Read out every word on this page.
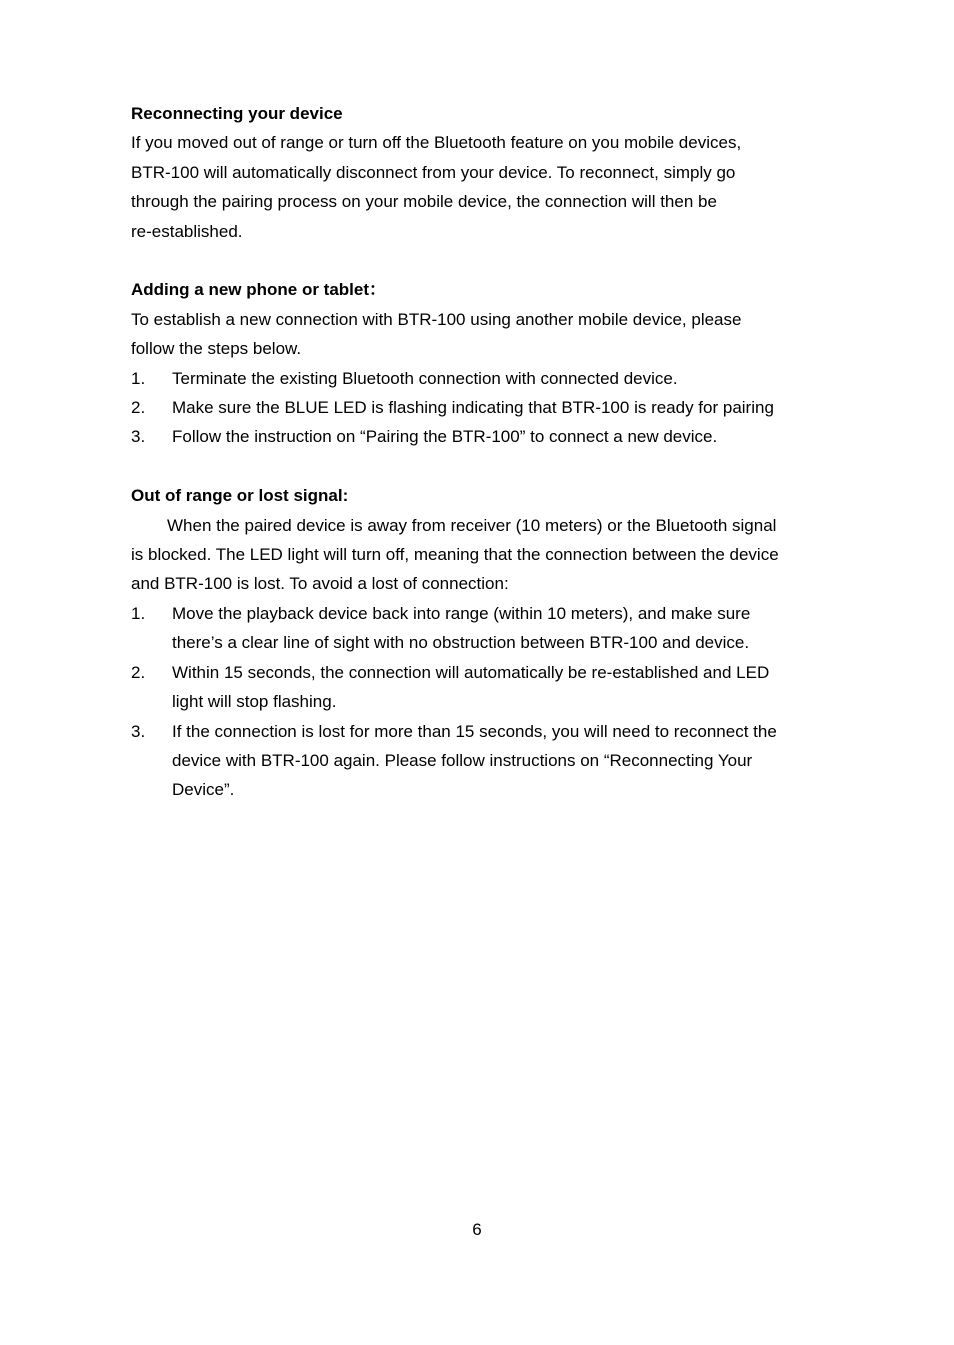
Reconnecting your device
If you moved out of range or turn off the Bluetooth feature on you mobile devices,
BTR-100 will automatically disconnect from your device. To reconnect, simply go
through the pairing process on your mobile device, the connection will then be
re-established.
Adding a new phone or tablet：
To establish a new connection with BTR-100 using another mobile device, please
follow the steps below.
1.	Terminate the existing Bluetooth connection with connected device.
2.	Make sure the BLUE LED is flashing indicating that BTR-100 is ready for pairing
3.	Follow the instruction on “Pairing the BTR-100” to connect a new device.
Out of range or lost signal:
When the paired device is away from receiver (10 meters) or the Bluetooth signal
is blocked. The LED light will turn off, meaning that the connection between the device
and BTR-100 is lost. To avoid a lost of connection:
1.	Move the playback device back into range (within 10 meters), and make sure
there’s a clear line of sight with no obstruction between BTR-100 and device.
2.	Within 15 seconds, the connection will automatically be re-established and LED
light will stop flashing.
3.	If the connection is lost for more than 15 seconds, you will need to reconnect the
device with BTR-100 again. Please follow instructions on “Reconnecting Your
Device”.
6
